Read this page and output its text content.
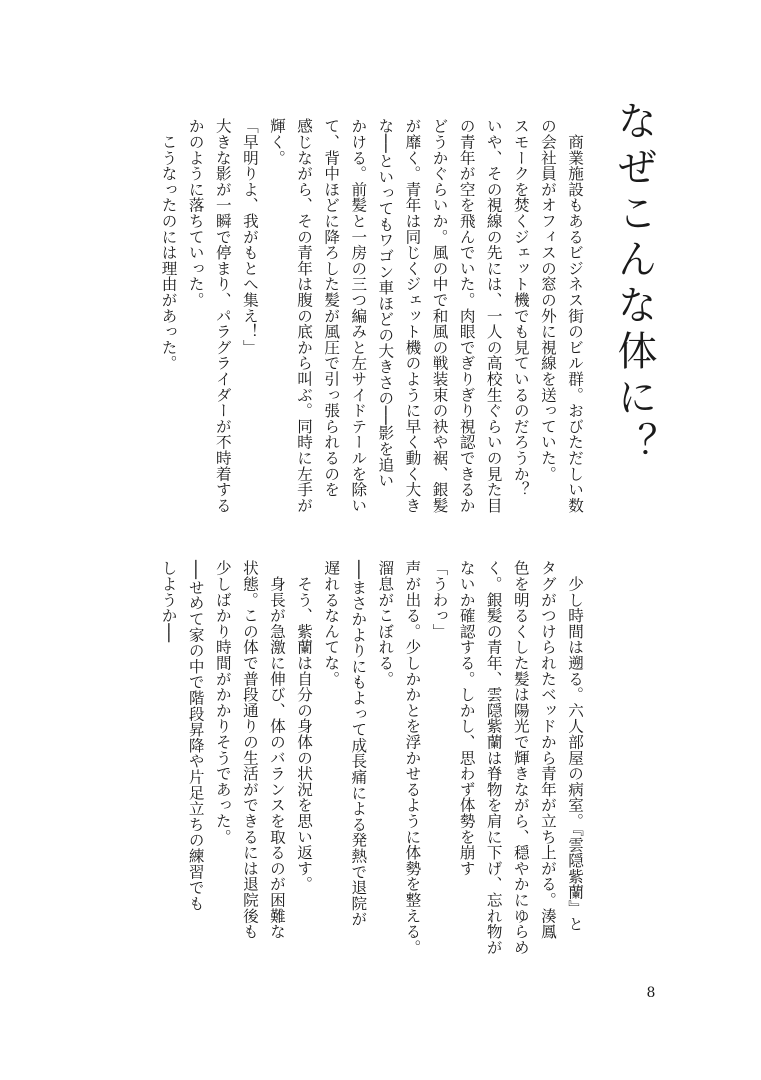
なぜこんな体に？
　商業施設もあるビジネス街のビル群。おびただしい数
の会社員がオフィスの窓の外に視線を送っていた。
スモークを焚くジェット機でも見ているのだろうか？
いや、その視線の先には、一人の高校生ぐらいの見た目
の青年が空を飛んでいた。肉眼でぎりぎり視認できるか
どうかぐらいか。風の中で和風の戦装束の袂や裾、銀髪
が靡く。青年は同じくジェット機のように早く動く大き
な──といってもワゴン車ほどの大きさの──影を追い
かける。前髪と一房の三つ編みと左サイドテールを除い
て、背中ほどに降ろした髪が風圧で引っ張られるのを
感じながら、その青年は腹の底から叫ぶ。同時に左手が
輝く。
「早明りよ、我がもとへ集え！」
大きな影が一瞬で停まり、パラグライダーが不時着する
かのように落ちていった。
　こうなったのには理由があった。
　少し時間は遡る。六人部屋の病室。『雲隠紫蘭』と
タグがつけられたベッドから青年が立ち上がる。湊鳳
色を明るくした髪は陽光で輝きながら、穏やかにゆらめ
く。銀髪の青年、雲隠紫蘭は脊物を肩に下げ、忘れ物が
ないか確認する。しかし、思わず体勢を崩す
「うわっ」
声が出る。少しかかとを浮かせるように体勢を整える。
溜息がこぼれる。
──まさかよりにもよって成長痛による発熱で退院が
遅れるなんてな。
　そう、紫蘭は自分の身体の状況を思い返す。
　身長が急激に伸び、体のバランスを取るのが困難な
状態。この体で普段通りの生活ができるには退院後も
少しばかり時間がかかりそうであった。
──せめて家の中で階段昇降や片足立ちの練習でも
しようか──
8
